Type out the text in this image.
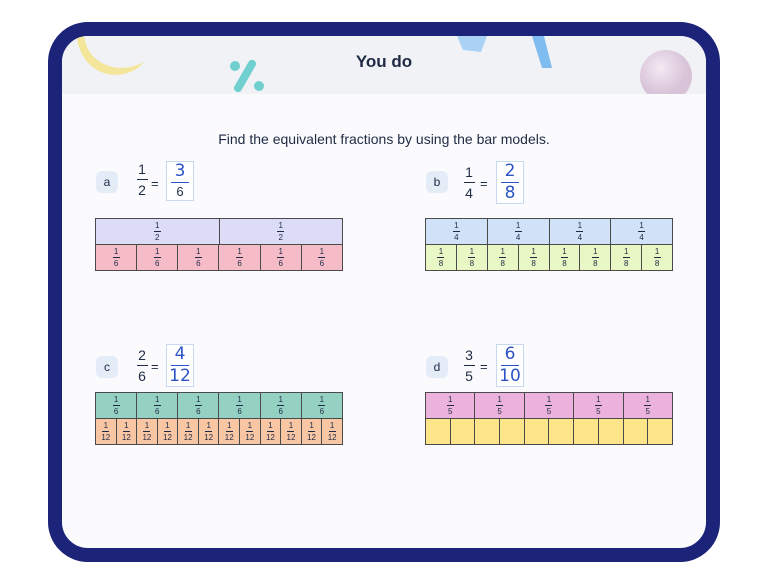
You do
Find the equivalent fractions by using the bar models.
a
1
2 =
3
6
1
2
1
2
1
6
1
6
1
6
1
6
1
6
1
6
b
1
4
=
2
8
1
4
1
4
1
4
1
4
1
8
1
8
1
8
1
8
1
8
1
8
1
8
1
8
c
2
6
=
4
12
1
6
1
6
1
6
1
6
1
6
1
6
1
12
1
12
1
12
1
12
1
12
1
12
1
12
1
12
1
12
1
12
1
12
1
12
d
3
5
=
6
10
1
5
1
5
1
5
1
5
1
5
